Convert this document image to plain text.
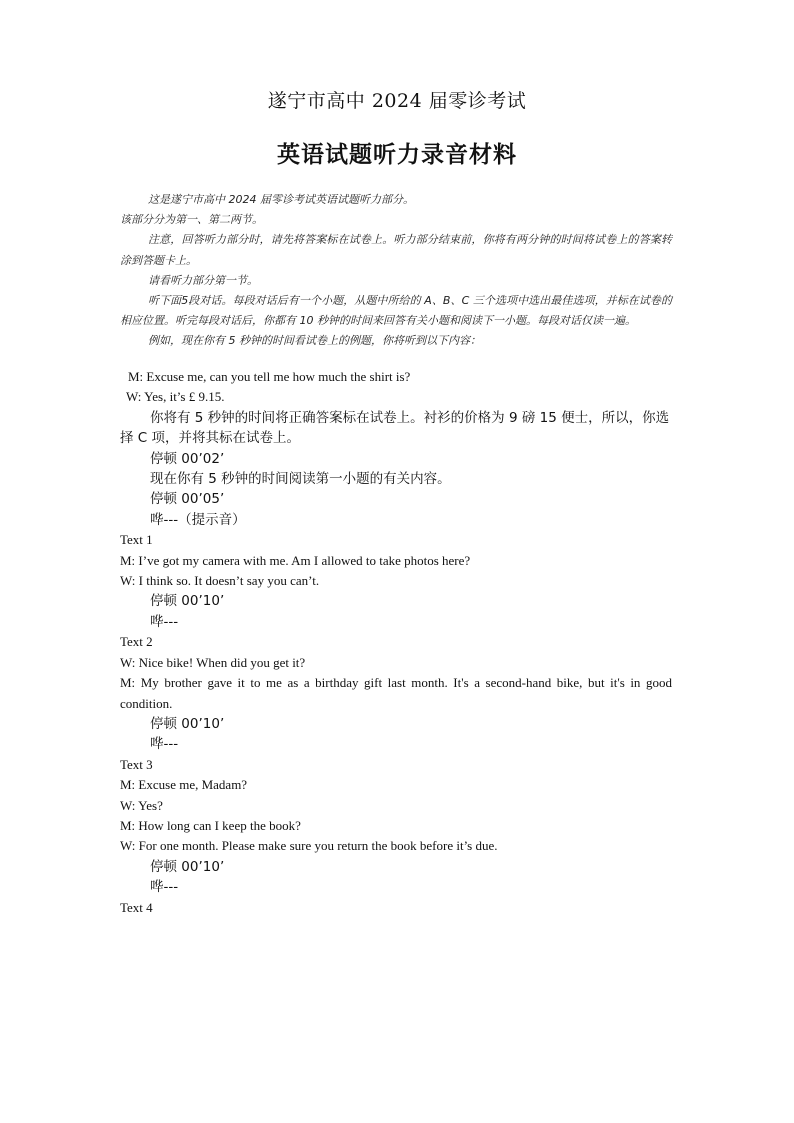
遂宁市高中 2024 届零诊考试
英语试题听力录音材料

这是遂宁市高中 2024 届零诊考试英语试题听力部分。

该部分分为第一、第二两节。

注意，回答听力部分时，请先将答案标在试卷上。听力部分结束前，你将有两分钟的时间将试卷上的答案转涂到答题卡上。

请看听力部分第一节。

听下面5段对话。每段对话后有一个小题，从题中所给的 A、B、C 三个选项中选出最佳选项，并标在试卷的相应位置。听完每段对话后，你都有 10 秒钟的时间来回答有关小题和阅读下一小题。每段对话仅读一遍。

例如，现在你有 5 秒钟的时间看试卷上的例题，你将听到以下内容：

M: Excuse me, can you tell me how much the shirt is?

W: Yes, it’s £ 9.15.

你将有 5 秒钟的时间将正确答案标在试卷上。衬衫的价格为 9 磅 15 便士，所以，你选择 C 项，并将其标在试卷上。

停顿 00’02’

现在你有 5 秒钟的时间阅读第一小题的有关内容。

停顿 00’05’

哗---（提示音）

Text 1

M: I’ve got my camera with me. Am I allowed to take photos here?

W: I think so. It doesn’t say you can’t.

停顿 00’10’

哗---

Text 2

W: Nice bike! When did you get it?

M: My brother gave it to me as a birthday gift last month. It's a second-hand bike, but it's in good condition.

停顿 00’10’

哗---

Text 3

M: Excuse me, Madam?

W: Yes?

M: How long can I keep the book?

W: For one month. Please make sure you return the book before it’s due.

停顿 00’10’

哗---

Text 4
